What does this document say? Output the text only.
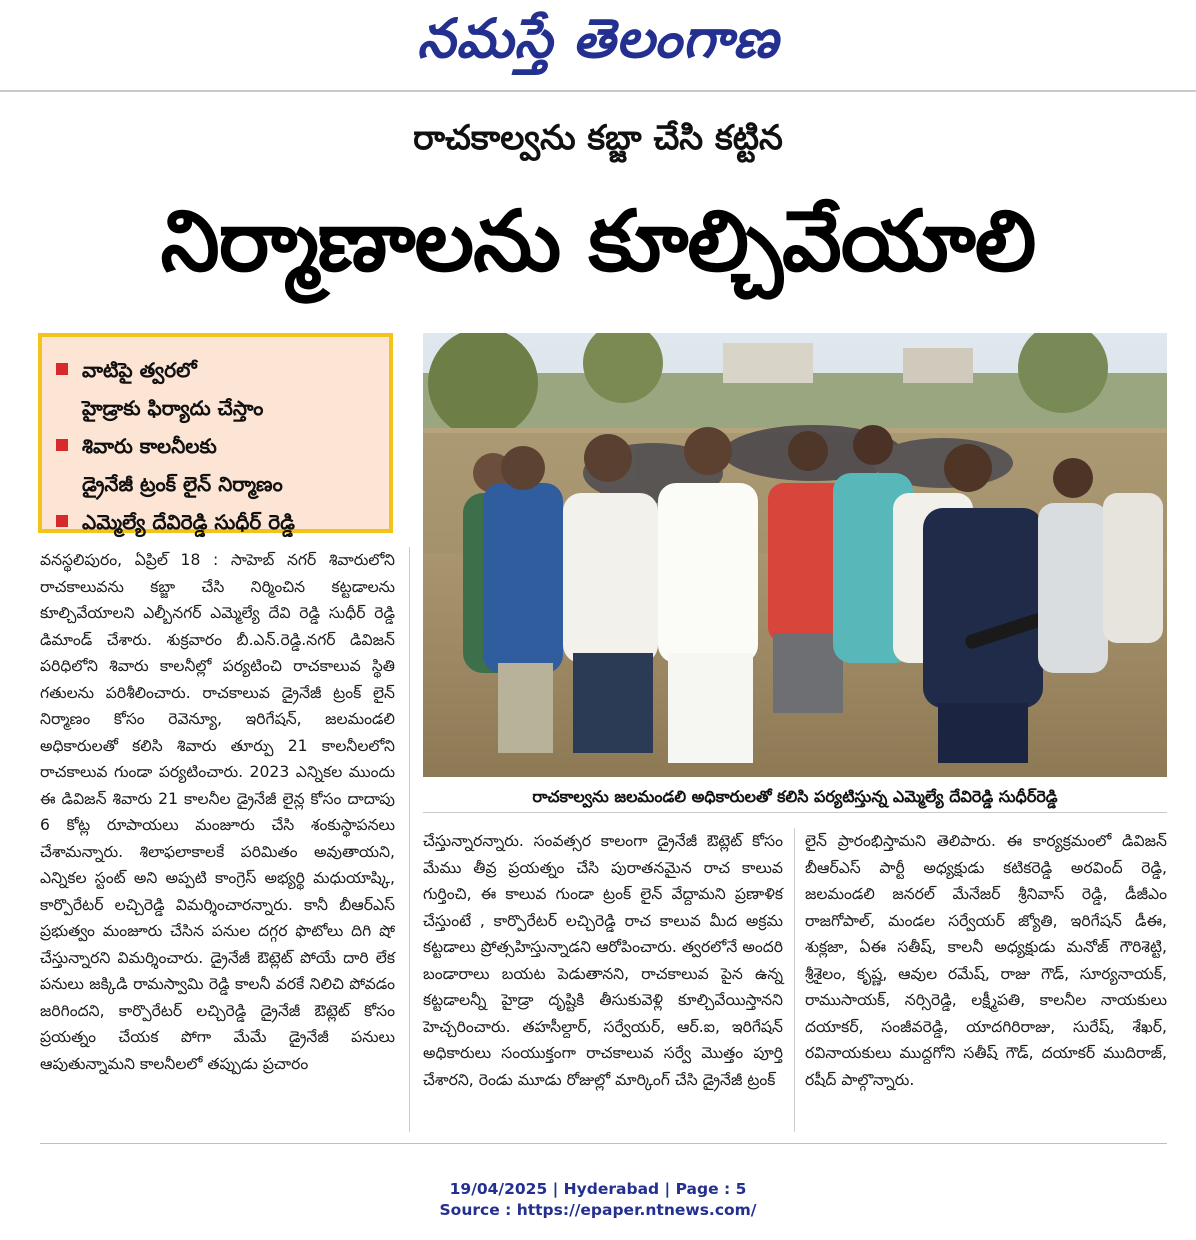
నమస్తే తెలంగాణ
రాచకాల్వను కబ్జా చేసి కట్టిన
నిర్మాణాలను కూల్చివేయాలి
వాటిపై త్వరలో
హైడ్రాకు ఫిర్యాదు చేస్తాం
శివారు కాలనీలకు
డ్రైనేజీ ట్రంక్ లైన్ నిర్మాణం
ఎమ్మెల్యే దేవిరెడ్డి సుధీర్ రెడ్డి
రాచకాల్వను జలమండలి అధికారులతో కలిసి పర్యటిస్తున్న ఎమ్మెల్యే దేవిరెడ్డి సుధీర్‌రెడ్డి

వనస్థలిపురం, ఏప్రిల్ 18 : సాహెబ్ నగర్ శివారులోని రాచకాలువను కబ్జా చేసి నిర్మించిన కట్టడాలను కూల్చివేయాలని ఎల్బీనగర్ ఎమ్మెల్యే దేవి రెడ్డి సుధీర్ రెడ్డి డిమాండ్ చేశారు. శుక్రవారం బీ.ఎన్.రెడ్డి.నగర్ డివిజన్ పరిధిలోని శివారు కాలనీల్లో పర్యటించి రాచకాలువ స్థితి గతులను పరిశీలించారు. రాచకాలువ డ్రైనేజీ ట్రంక్ లైన్ నిర్మాణం కోసం రెవెన్యూ, ఇరిగేషన్, జలమండలి అధికారులతో కలిసి శివారు తూర్పు 21 కాలనీలలోని రాచకాలువ గుండా పర్యటించారు. 2023 ఎన్నికల ముందు ఈ డివిజన్ శివారు 21 కాలనీల డ్రైనేజీ లైన్ల కోసం దాదాపు 6 కోట్ల రూపాయలు మంజూరు చేసి శంకుస్థాపనలు చేశామన్నారు. శిలాఫలాకాలకే పరిమితం అవుతాయని, ఎన్నికల స్టంట్ అని అప్పటి కాంగ్రెస్ అభ్యర్థి మధుయాష్కి, కార్పొరేటర్ లచ్చిరెడ్డి విమర్శించారన్నారు. కానీ బీఆర్ఎస్ ప్రభుత్వం మంజూరు చేసిన పనుల దగ్గర ఫొటోలు దిగి షో చేస్తున్నారని విమర్శించారు. డ్రైనేజీ ఔట్లెట్ పోయే దారి లేక పనులు జక్కిడి రామస్వామి రెడ్డి కాలనీ వరకే నిలిచి పోవడం జరిగిందని, కార్పొరేటర్ లచ్చిరెడ్డి డ్రైనేజీ ఔట్లెట్ కోసం ప్రయత్నం చేయక పోగా మేమే డ్రైనేజీ పనులు ఆపుతున్నామని కాలనీలలో తప్పుడు ప్రచారం

చేస్తున్నారన్నారు. సంవత్సర కాలంగా డ్రైనేజీ ఔట్లెట్ కోసం మేము తీవ్ర ప్రయత్నం చేసి పురాతనమైన రాచ కాలువ గుర్తించి, ఈ కాలువ గుండా ట్రంక్ లైన్ వేద్దామని ప్రణాళిక చేస్తుంటే , కార్పొరేటర్ లచ్చిరెడ్డి రాచ కాలువ మీద అక్రమ కట్టడాలు ప్రోత్సహిస్తున్నాడని ఆరోపించారు. త్వరలోనే అందరి బండారాలు బయట పెడుతానని, రాచకాలువ పైన ఉన్న కట్టడాలన్నీ హైడ్రా దృష్టికి తీసుకువెళ్లి కూల్చివేయిస్తానని హెచ్చరించారు. తహసీల్దార్, సర్వేయర్, ఆర్.ఐ, ఇరిగేషన్ అధికారులు సంయుక్తంగా రాచకాలువ సర్వే మొత్తం పూర్తి చేశారని, రెండు మూడు రోజుల్లో మార్కింగ్ చేసి డ్రైనేజీ ట్రంక్

లైన్ ప్రారంభిస్తామని తెలిపారు. ఈ కార్యక్రమంలో డివిజన్ బీఆర్ఎస్ పార్టీ అధ్యక్షుడు కటికరెడ్డి అరవింద్ రెడ్డి, జలమండలి జనరల్ మేనేజర్ శ్రీనివాస్ రెడ్డి, డీజీఎం రాజగోపాల్, మండల సర్వేయర్ జ్యోతి, ఇరిగేషన్ డీఈ, శుక్లజా, ఏఈ సతీష్, కాలనీ అధ్యక్షుడు మనోజ్ గౌరిశెట్టి, శ్రీశైలం, కృష్ణ, ఆవుల రమేష్, రాజు గౌడ్, సూర్యనాయక్, రాముసాయక్, నర్సిరెడ్డి, లక్ష్మీపతి, కాలనీల నాయకులు దయాకర్, సంజీవరెడ్డి, యాదగిరిరాజు, సురేష్, శేఖర్, రవినాయకులు ముద్దగోని సతీష్ గౌడ్, దయాకర్ ముదిరాజ్, రషీద్ పాల్గొన్నారు.

19/04/2025 | Hyderabad | Page : 5
Source : https://epaper.ntnews.com/
